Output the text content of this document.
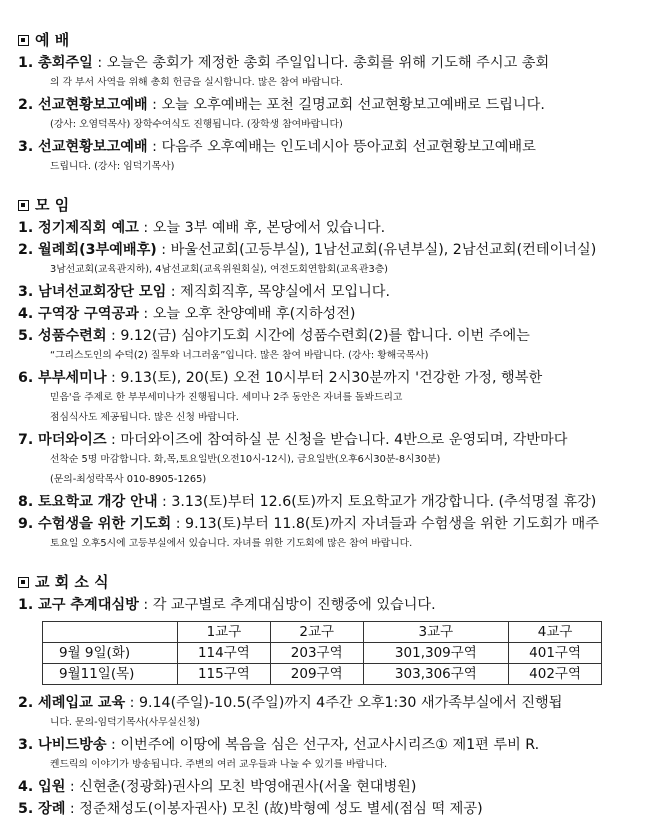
예 배
1. 총회주일 : 오늘은 총회가 제정한 총회 주일입니다. 총회를 위해 기도해 주시고 총회
의 각 부서 사역을 위해 총회 헌금을 실시합니다. 많은 참여 바랍니다.
2. 선교현황보고예배 : 오늘 오후예배는 포천 길명교회 선교현황보고예배로 드립니다.
(강사: 오염덕목사) 장학수여식도 진행됩니다. (장학생 참여바랍니다)
3. 선교현황보고예배 : 다음주 오후예배는 인도네시아 뜽아교회 선교현황보고예배로
드립니다. (강사: 임덕기목사)
모 임
1. 정기제직회 예고 : 오늘 3부 예배 후, 본당에서 있습니다.
2. 월례회(3부예배후) : 바울선교회(고등부실), 1남선교회(유년부실), 2남선교회(컨테이너실)
3남선교회(교육관지하), 4남선교회(교육위원회실), 여전도회연합회(교육관3층)
3. 남녀선교회장단 모임 : 제직회직후, 목양실에서 모입니다.
4. 구역장 구역공과 : 오늘 오후 찬양예배 후(지하성전)
5. 성품수련회 : 9.12(금) 심야기도회 시간에 성품수련회(2)를 합니다. 이번 주에는
“그리스도인의 수덕(2) 질투와 너그러움”입니다. 많은 참여 바랍니다. (강사: 황해국목사)
6. 부부세미나 : 9.13(토), 20(토) 오전 10시부터 2시30분까지 '건강한 가정, 행복한
믿음'을 주제로 한 부부세미나가 진행됩니다. 세미나 2주 동안은 자녀를 돌봐드리고
점심식사도 제공됩니다. 많은 신청 바랍니다.
7. 마더와이즈 : 마더와이즈에 참여하실 분 신청을 받습니다. 4반으로 운영되며, 각반마다
선착순 5명 마감합니다. 화,목,토요일반(오전10시-12시), 금요일반(오후6시30분-8시30분)
(문의-최성락목사 010-8905-1265)
8. 토요학교 개강 안내 : 3.13(토)부터 12.6(토)까지 토요학교가 개강합니다. (추석명절 휴강)
9. 수험생을 위한 기도회 : 9.13(토)부터 11.8(토)까지 자녀들과 수험생을 위한 기도회가 매주
토요일 오후5시에 고등부실에서 있습니다. 자녀를 위한 기도회에 많은 참여 바랍니다.
교 회 소 식
1. 교구 추계대심방 : 각 교구별로 추계대심방이 진행중에 있습니다.
	1교구	2교구	3교구	4교구
9월 9일(화)	114구역	203구역	301,309구역	401구역
9월11일(목)	115구역	209구역	303,306구역	402구역
2. 세례입교 교육 : 9.14(주일)-10.5(주일)까지 4주간 오후1:30 새가족부실에서 진행됩
니다. 문의-임덕기목사(사무실신청)
3. 나비드방송 : 이번주에 이땅에 복음을 심은 선구자, 선교사시리즈① 제1편 루비 R.
켄드릭의 이야기가 방송됩니다. 주변의 여러 교우들과 나눌 수 있기를 바랍니다.
4. 입원 : 신현춘(정광화)권사의 모친 박영애권사(서울 현대병원)
5. 장례 : 정준채성도(이봉자권사) 모친 (故)박형예 성도 별세(점심 떡 제공)
